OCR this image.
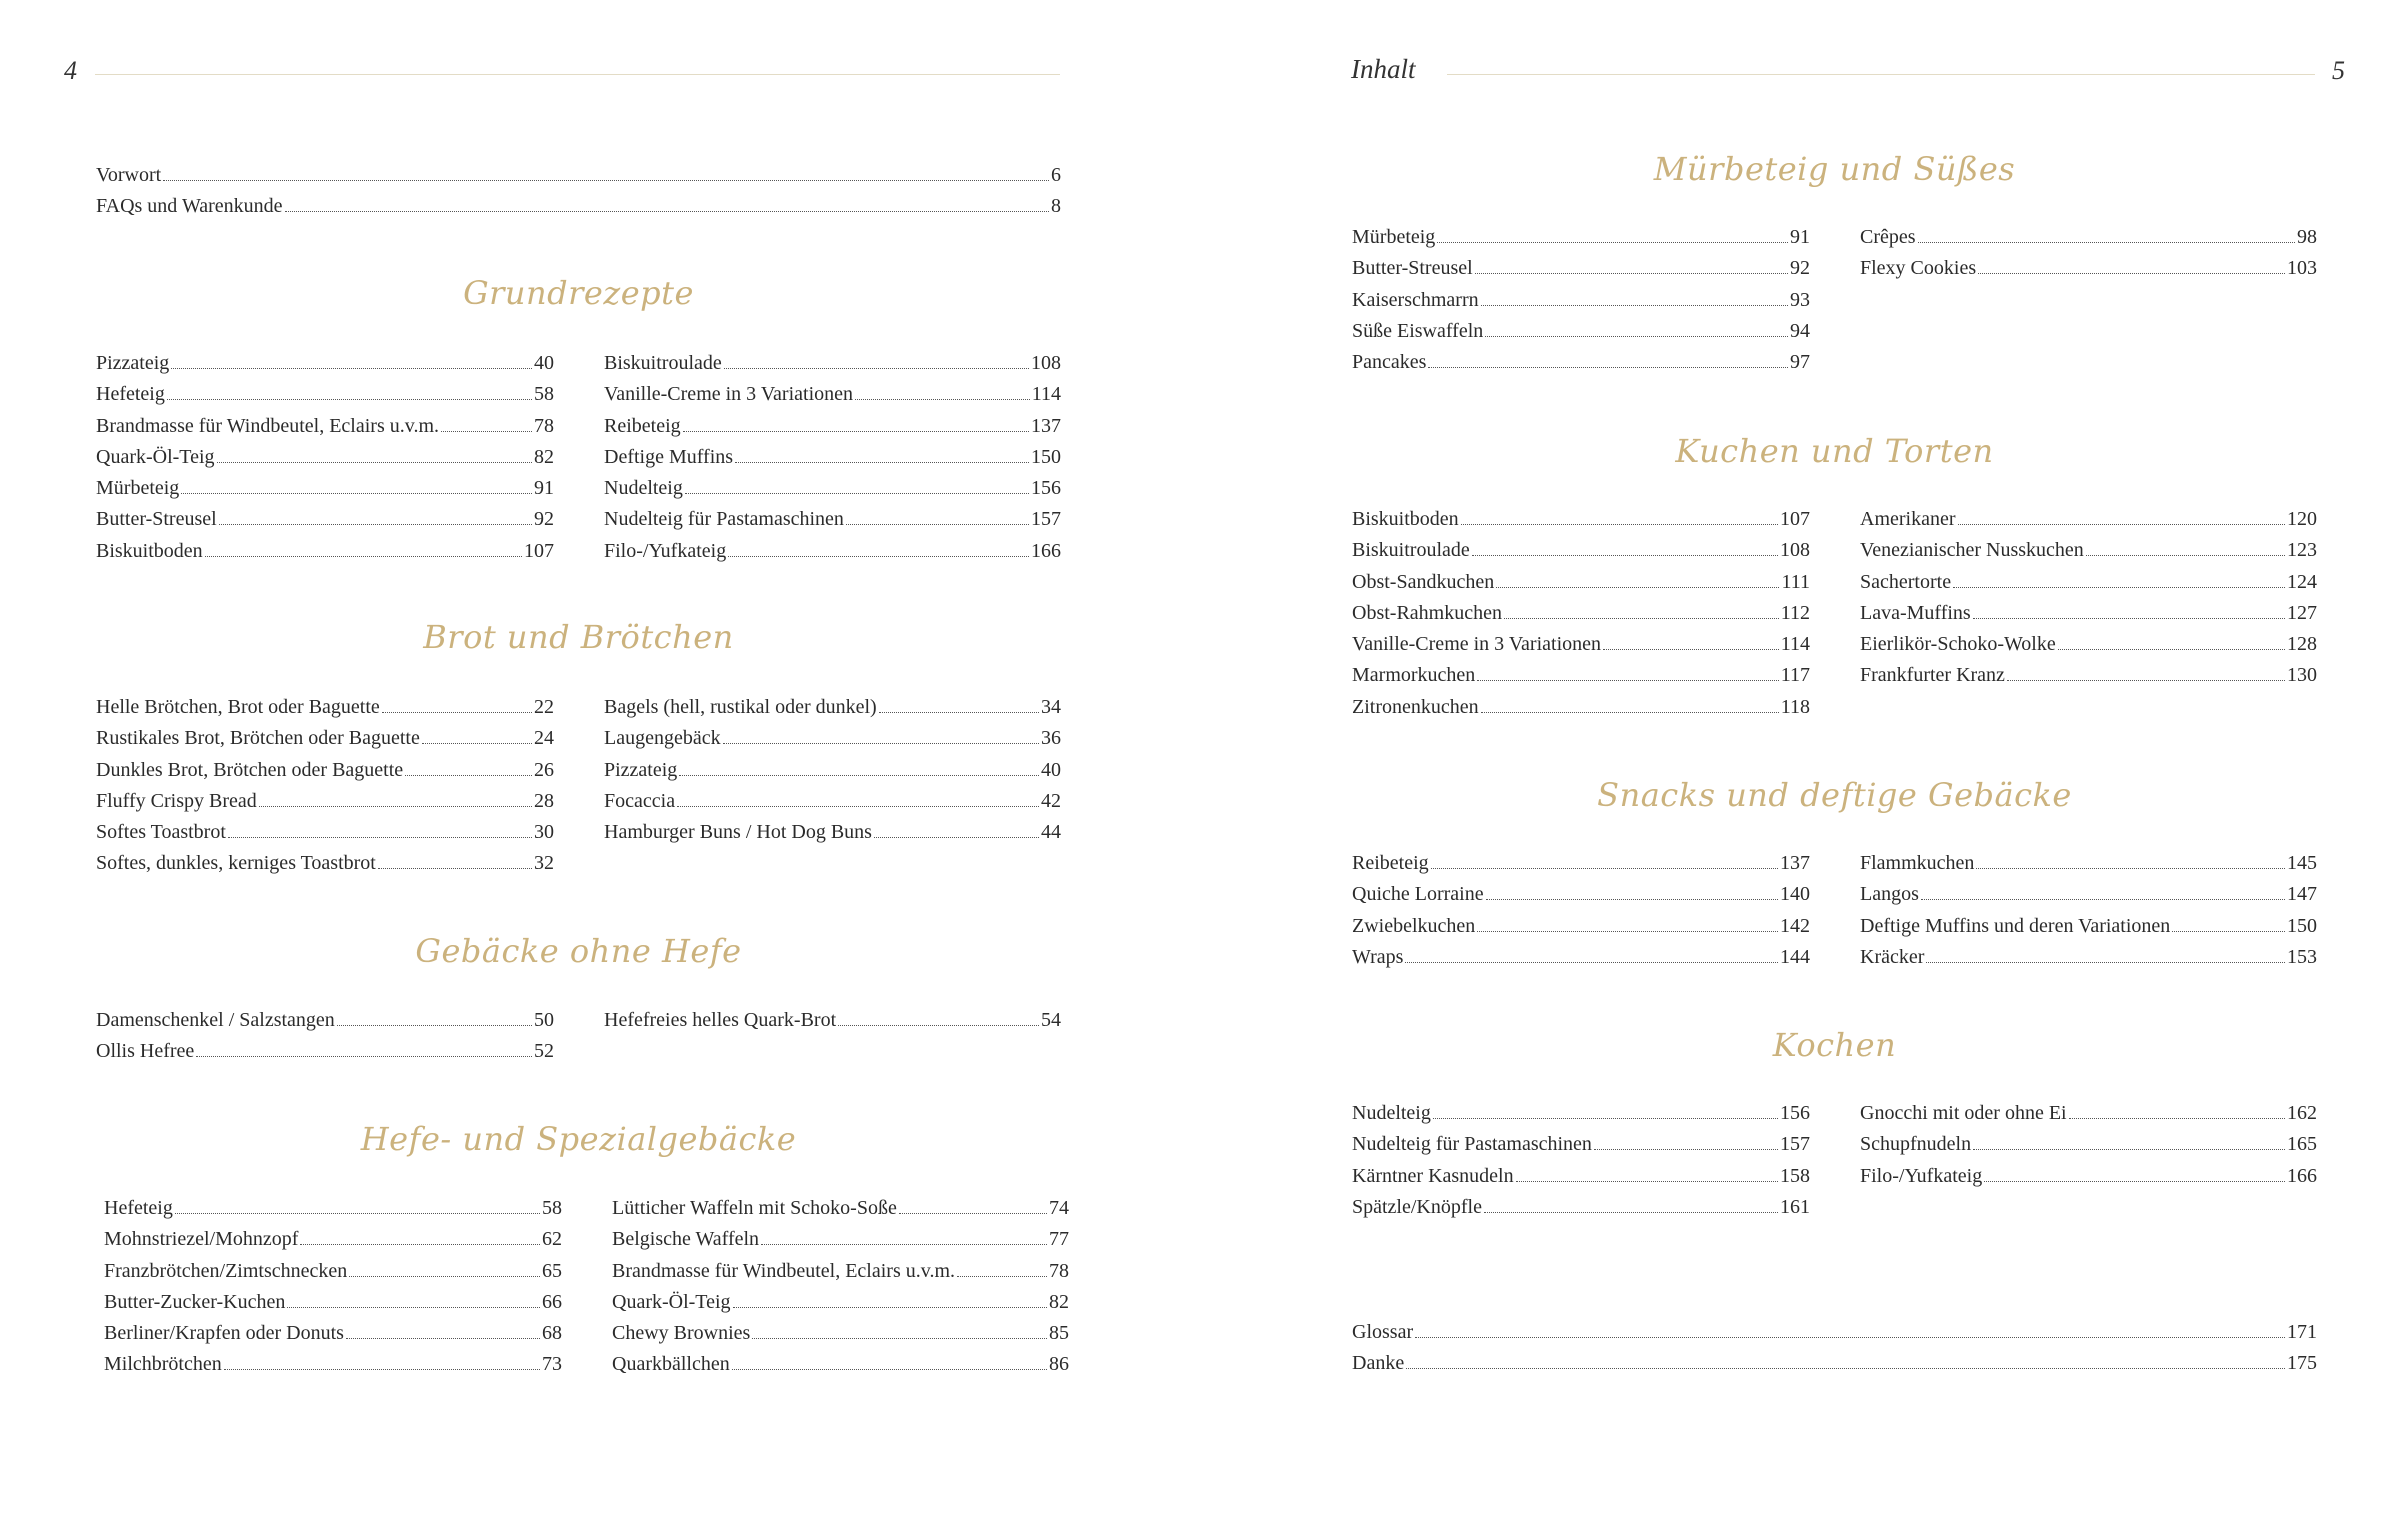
4	Inhalt	5
Vorwort	6
FAQs und Warenkunde	8
Grundrezepte
Pizzateig	40
Hefeteig	58
Brandmasse für Windbeutel, Eclairs u.v.m.	78
Quark-Öl-Teig	82
Mürbeteig	91
Butter-Streusel	92
Biskuitboden	107
Biskuitroulade	108
Vanille-Creme in 3 Variationen	114
Reibeteig	137
Deftige Muffins	150
Nudelteig	156
Nudelteig für Pastamaschinen	157
Filo-/Yufkateig	166
Brot und Brötchen
Helle Brötchen, Brot oder Baguette	22
Rustikales Brot, Brötchen oder Baguette	24
Dunkles Brot, Brötchen oder Baguette	26
Fluffy Crispy Bread	28
Softes Toastbrot	30
Softes, dunkles, kerniges Toastbrot	32
Bagels (hell, rustikal oder dunkel)	34
Laugengebäck	36
Pizzateig	40
Focaccia	42
Hamburger Buns / Hot Dog Buns	44
Gebäcke ohne Hefe
Damenschenkel / Salzstangen	50
Ollis Hefree	52
Hefefreies helles Quark-Brot	54
Hefe- und Spezialgebäcke
Hefeteig	58
Mohnstriezel/Mohnzopf	62
Franzbrötchen/Zimtschnecken	65
Butter-Zucker-Kuchen	66
Berliner/Krapfen oder Donuts	68
Milchbrötchen	73
Lütticher Waffeln mit Schoko-Soße	74
Belgische Waffeln	77
Brandmasse für Windbeutel, Eclairs u.v.m.	78
Quark-Öl-Teig	82
Chewy Brownies	85
Quarkbällchen	86
Mürbeteig und Süßes
Mürbeteig	91
Butter-Streusel	92
Kaiserschmarrn	93
Süße Eiswaffeln	94
Pancakes	97
Crêpes	98
Flexy Cookies	103
Kuchen und Torten
Biskuitboden	107
Biskuitroulade	108
Obst-Sandkuchen	111
Obst-Rahmkuchen	112
Vanille-Creme in 3 Variationen	114
Marmorkuchen	117
Zitronenkuchen	118
Amerikaner	120
Venezianischer Nusskuchen	123
Sachertorte	124
Lava-Muffins	127
Eierlikör-Schoko-Wolke	128
Frankfurter Kranz	130
Snacks und deftige Gebäcke
Reibeteig	137
Quiche Lorraine	140
Zwiebelkuchen	142
Wraps	144
Flammkuchen	145
Langos	147
Deftige Muffins und deren Variationen	150
Kräcker	153
Kochen
Nudelteig	156
Nudelteig für Pastamaschinen	157
Kärntner Kasnudeln	158
Spätzle/Knöpfle	161
Gnocchi mit oder ohne Ei	162
Schupfnudeln	165
Filo-/Yufkateig	166
Glossar	171
Danke	175
